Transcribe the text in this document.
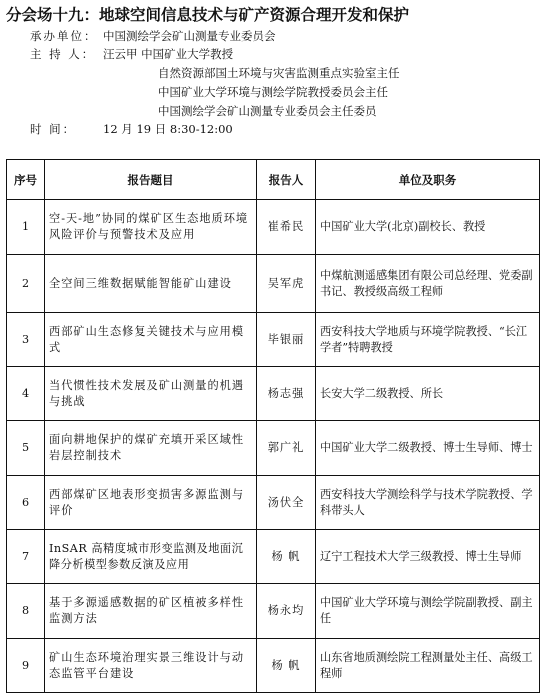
分会场十九：地球空间信息技术与矿产资源合理开发和保护
承办单位： 中国测绘学会矿山测量专业委员会
主 持 人： 汪云甲 中国矿业大学教授
自然资源部国土环境与灾害监测重点实验室主任
中国矿业大学环境与测绘学院教授委员会主任
中国测绘学会矿山测量专业委员会主任委员
时 间： 12 月 19 日 8:30-12:00
序号	报告题目	报告人	单位及职务
1	空-天-地”协同的煤矿区生态地质环境风险评价与预警技术及应用	崔希民	中国矿业大学(北京)副校长、教授
2	全空间三维数据赋能智能矿山建设	吴军虎	中煤航测遥感集团有限公司总经理、党委副书记、教授级高级工程师
3	西部矿山生态修复关键技术与应用模式	毕银丽	西安科技大学地质与环境学院教授、“长江学者”特聘教授
4	当代惯性技术发展及矿山测量的机遇与挑战	杨志强	长安大学二级教授、所长
5	面向耕地保护的煤矿充填开采区域性岩层控制技术	郭广礼	中国矿业大学二级教授、博士生导师、博士
6	西部煤矿区地表形变损害多源监测与评价	汤伏全	西安科技大学测绘科学与技术学院教授、学科带头人
7	InSAR 高精度城市形变监测及地面沉降分析模型参数反演及应用	杨 帆	辽宁工程技术大学三级教授、博士生导师
8	基于多源遥感数据的矿区植被多样性监测方法	杨永均	中国矿业大学环境与测绘学院副教授、副主任
9	矿山生态环境治理实景三维设计与动态监管平台建设	杨 帆	山东省地质测绘院工程测量处主任、高级工程师
